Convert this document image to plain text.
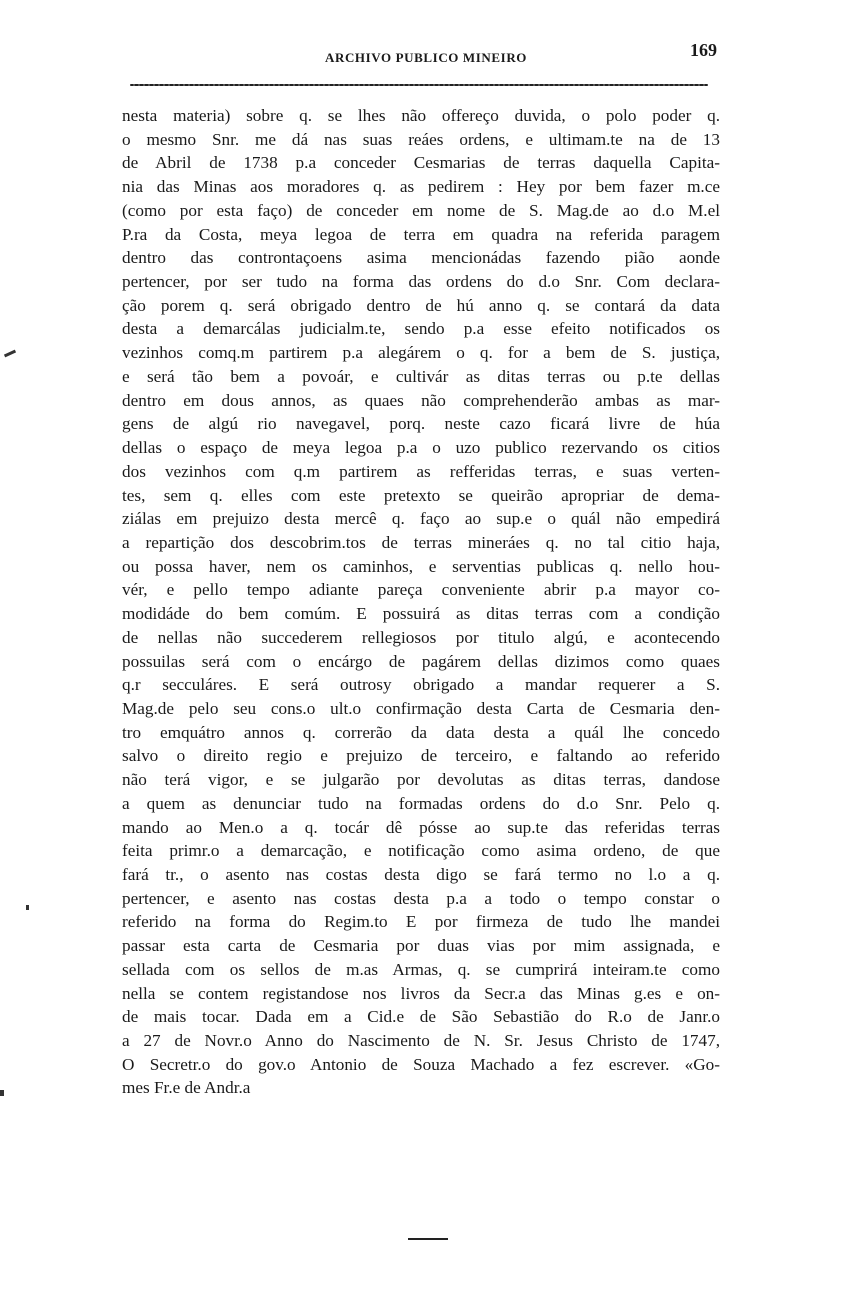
ARCHIVO PUBLICO MINEIRO	169
nesta materia) sobre q. se lhes não offereço duvida, o polo poder q.
o mesmo Snr. me dá nas suas reáes ordens, e ultimam.te na de 13
de Abril de 1738 p.a conceder Cesmarias de terras daquella Capita-
nia das Minas aos moradores q. as pedirem : Hey por bem fazer m.ce
(como por esta faço) de conceder em nome de S. Mag.de ao d.o M.el
P.ra da Costa, meya legoa de terra em quadra na referida paragem
dentro das controntaçoens asima mencionádas fazendo pião aonde
pertencer, por ser tudo na forma das ordens do d.o Snr. Com declara-
ção porem q. será obrigado dentro de hú anno q. se contará da data
desta a demarcálas judicialm.te, sendo p.a esse efeito notificados os
vezinhos comq.m partirem p.a alegárem o q. for a bem de S. justiça,
e será tão bem a povoár, e cultivár as ditas terras ou p.te dellas
dentro em dous annos, as quaes não comprehenderão ambas as mar-
gens de algú rio navegavel, porq. neste cazo ficará livre de húa
dellas o espaço de meya legoa p.a o uzo publico rezervando os citios
dos vezinhos com q.m partirem as refferidas terras, e suas verten-
tes, sem q. elles com este pretexto se queirão apropriar de dema-
ziálas em prejuizo desta mercê q. faço ao sup.e o quál não empedirá
a repartição dos descobrim.tos de terras mineráes q. no tal citio haja,
ou possa haver, nem os caminhos, e serventias publicas q. nello hou-
vér, e pello tempo adiante pareça conveniente abrir p.a mayor co-
modidáde do bem comúm. E possuirá as ditas terras com a condição
de nellas não succederem rellegiosos por titulo algú, e acontecendo
possuilas será com o encárgo de pagárem dellas dizimos como quaes
q.r secculáres. E será outrosy obrigado a mandar requerer a S.
Mag.de pelo seu cons.o ult.o confirmação desta Carta de Cesmaria den-
tro emquátro annos q. correrão da data desta a quál lhe concedo
salvo o direito regio e prejuizo de terceiro, e faltando ao referido
não terá vigor, e se julgarão por devolutas as ditas terras, dandose
a quem as denunciar tudo na formadas ordens do d.o Snr. Pelo q.
mando ao Men.o a q. tocár dê pósse ao sup.te das referidas terras
feita primr.o a demarcação, e notificação como asima ordeno, de que
fará tr., o asento nas costas desta digo se fará termo no l.o a q.
pertencer, e asento nas costas desta p.a a todo o tempo constar o
referido na forma do Regim.to E por firmeza de tudo lhe mandei
passar esta carta de Cesmaria por duas vias por mim assignada, e
sellada com os sellos de m.as Armas, q. se cumprirá inteiram.te como
nella se contem registandose nos livros da Secr.a das Minas g.es e on-
de mais tocar. Dada em a Cid.e de São Sebastião do R.o de Janr.o
a 27 de Novr.o Anno do Nascimento de N. Sr. Jesus Christo de 1747,
O Secretr.o do gov.o Antonio de Souza Machado a fez escrever. «Go-
mes Fr.e de Andr.a
